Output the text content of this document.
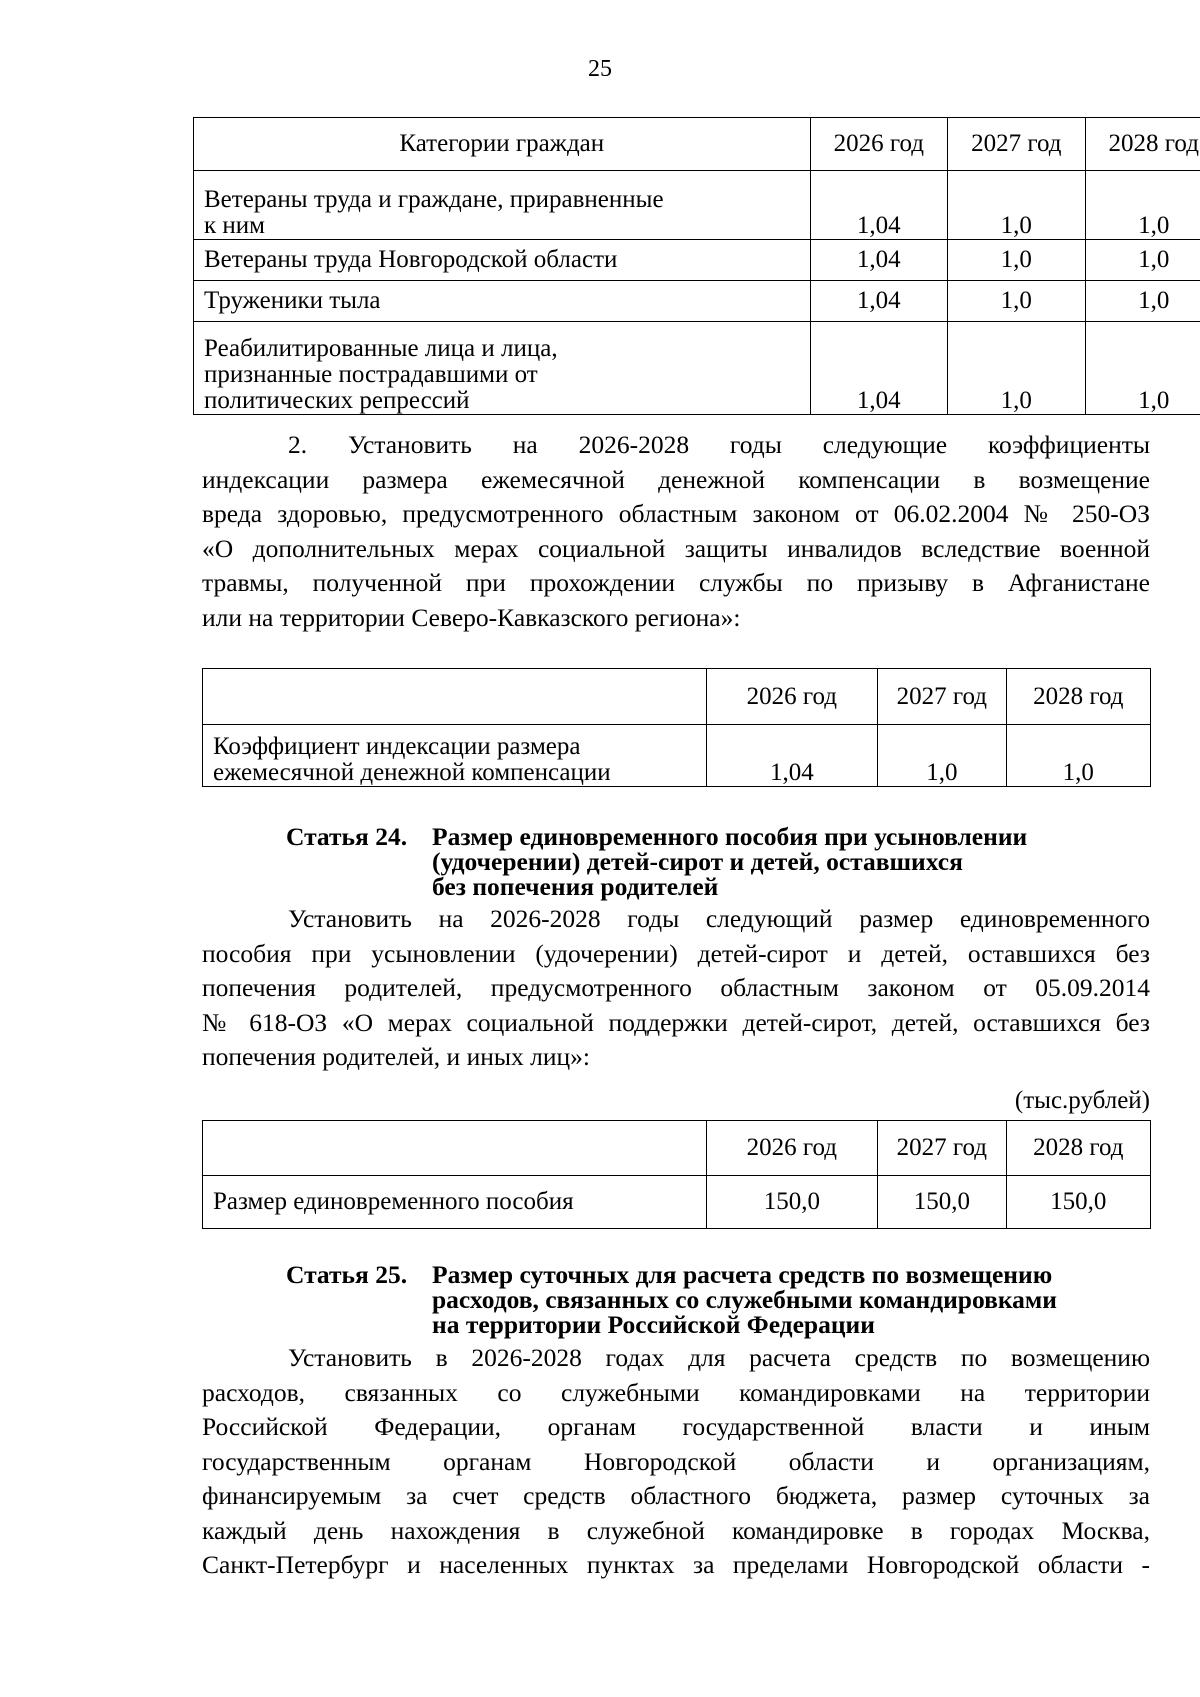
25
Категории граждан	2026 год	2027 год	2028 год

Ветераны труда и граждане, приравненные
к ним	1,04	1,0	1,0
Ветераны труда Новгородской области	1,04	1,0	1,0
Труженики тыла	1,04	1,0	1,0

Реабилитированные лица и лица,
признанные пострадавшими от
политических репрессий	1,04	1,0	1,0
2. Установить на 2026-2028 годы следующие коэффициенты
индексации размера ежемесячной денежной компенсации в возмещение
вреда здоровью, предусмотренного областным законом от 06.02.2004 № 250-ОЗ
«О дополнительных мерах социальной защиты инвалидов вследствие военной
травмы, полученной при прохождении службы по призыву в Афганистане
или на территории Северо-Кавказского региона»:
	2026 год	2027 год	2028 год

Коэффициент индексации размера
ежемесячной денежной компенсации	1,04	1,0	1,0
Статья 24. Размер единовременного пособия при усыновлении
(удочерении) детей-сирот и детей, оставшихся
без попечения родителей
Установить на 2026-2028 годы следующий размер единовременного
пособия при усыновлении (удочерении) детей-сирот и детей, оставшихся без
попечения родителей, предусмотренного областным законом от 05.09.2014
№ 618-ОЗ «О мерах социальной поддержки детей-сирот, детей, оставшихся без
попечения родителей, и иных лиц»:
(тыс.рублей)
	2026 год	2027 год	2028 год
Размер единовременного пособия	150,0	150,0	150,0
Статья 25. Размер суточных для расчета средств по возмещению
расходов, связанных со служебными командировками
на территории Российской Федерации
Установить в 2026-2028 годах для расчета средств по возмещению
расходов, связанных со служебными командировками на территории
Российской Федерации, органам государственной власти и иным
государственным органам Новгородской области и организациям,
финансируемым за счет средств областного бюджета, размер суточных за
каждый день нахождения в служебной командировке в городах Москва,
Санкт-Петербург и населенных пунктах за пределами Новгородской области -
